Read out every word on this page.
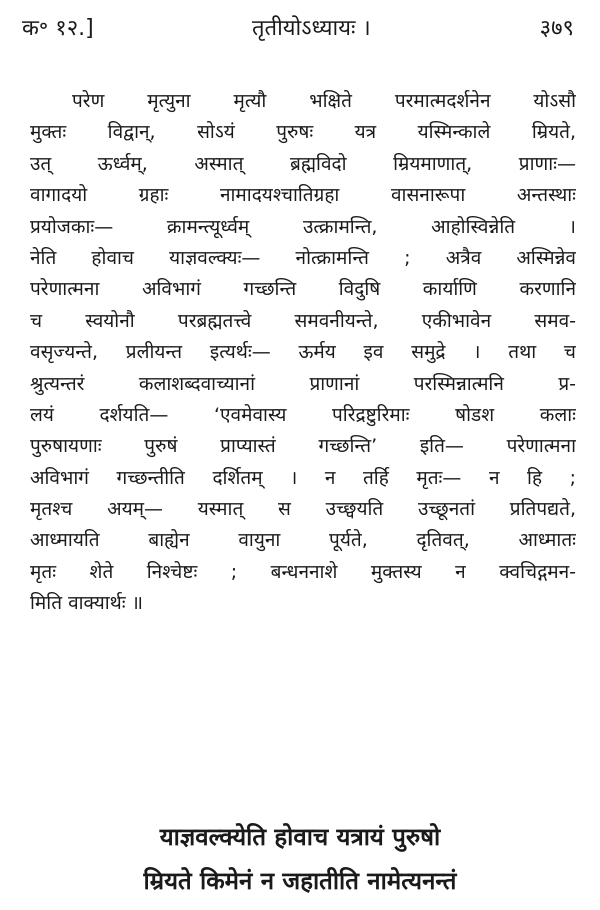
क॰ १२.]	तृतीयोऽध्यायः ।	३७९
परेण मृत्युना मृत्यौ भक्षिते परमात्मदर्शनेन योऽसौ
मुक्तः विद्वान्, सोऽयं पुरुषः यत्र यस्मिन्काले म्रियते,
उत् ऊर्ध्वम्, अस्मात् ब्रह्मविदो म्रियमाणात्, प्राणाः—
वागादयो ग्रहाः नामादयश्चातिग्रहा वासनारूपा अन्तस्थाः
प्रयोजकाः— क्रामन्त्यूर्ध्वम् उत्क्रामन्ति, आहोस्विन्नेति ।
नेति होवाच याज्ञवल्क्यः— नोत्क्रामन्ति ; अत्रैव अस्मिन्नेव
परेणात्मना अविभागं गच्छन्ति विदुषि कार्याणि करणानि
च स्वयोनौ परब्रह्मतत्त्वे समवनीयन्ते, एकीभावेन समव-
वसृज्यन्ते, प्रलीयन्त इत्यर्थः— ऊर्मय इव समुद्रे । तथा च
श्रुत्यन्तरं कलाशब्दवाच्यानां प्राणानां परस्मिन्नात्मनि प्र-
लयं दर्शयति— ‘एवमेवास्य परिद्रष्टुरिमाः षोडश कलाः
पुरुषायणाः पुरुषं प्राप्यास्तं गच्छन्ति’ इति— परेणात्मना
अविभागं गच्छन्तीति दर्शितम् । न तर्हि मृतः— न हि ;
मृतश्च अयम्— यस्मात् स उच्छ्वयति उच्छूनतां प्रतिपद्यते,
आध्मायति बाह्येन वायुना पूर्यते, दृतिवत्, आध्मातः
मृतः शेते निश्चेष्टः ; बन्धननाशे मुक्तस्य न क्वचिद्गमन-
मिति वाक्यार्थः ॥
याज्ञवल्क्येति होवाच यत्रायं पुरुषो
म्रियते किमेनं न जहातीति नामेत्यनन्तं
